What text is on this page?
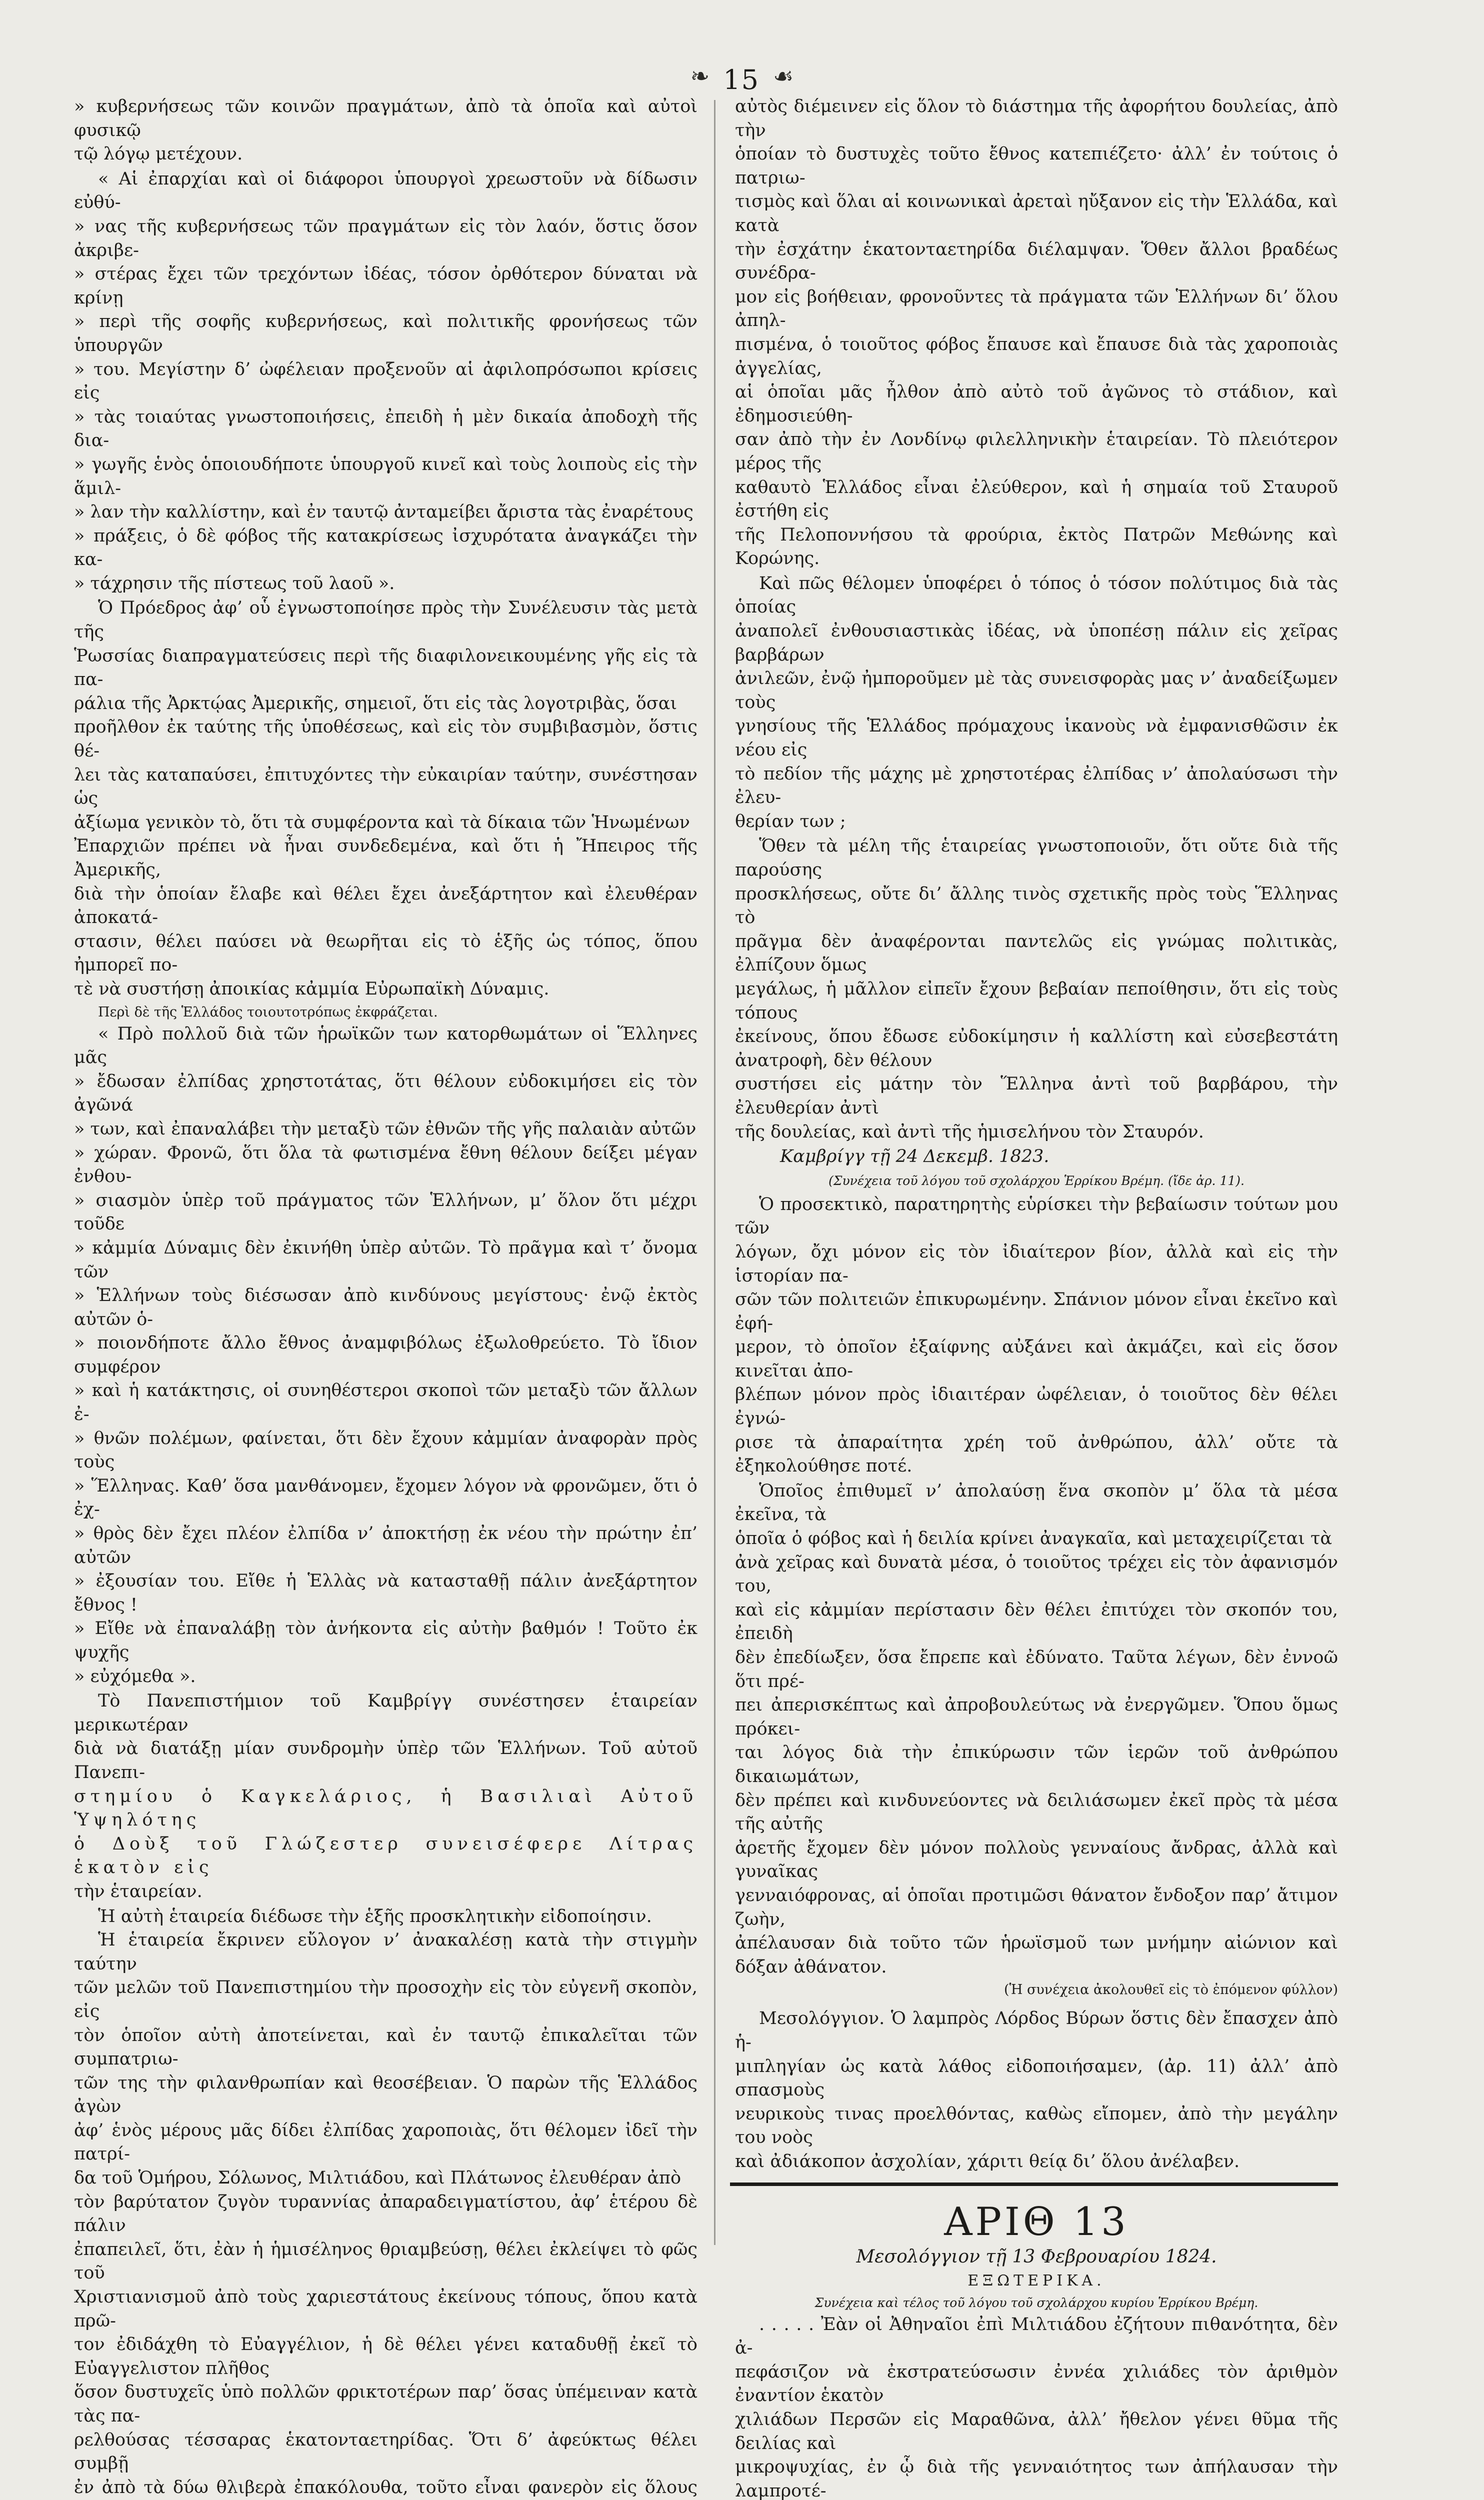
❧ 15 ☙
» κυβερνήσεως τῶν κοινῶν πραγμάτων, ἀπὸ τὰ ὁποῖα καὶ αὐτοὶ φυσικῷ
τῷ λόγῳ μετέχουν.
« Αἱ ἐπαρχίαι καὶ οἱ διάφοροι ὑπουργοὶ χρεωστοῦν νὰ δίδωσιν εὐθύ-
» νας τῆς κυβερνήσεως τῶν πραγμάτων εἰς τὸν λαόν, ὅστις ὅσον ἀκριβε-
» στέρας ἔχει τῶν τρεχόντων ἰδέας, τόσον ὀρθότερον δύναται νὰ κρίνῃ
» περὶ τῆς σοφῆς κυβερνήσεως, καὶ πολιτικῆς φρονήσεως τῶν ὑπουργῶν
» του. Μεγίστην δ’ ὠφέλειαν προξενοῦν αἱ ἀφιλοπρόσωποι κρίσεις εἰς
» τὰς τοιαύτας γνωστοποιήσεις, ἐπειδὴ ἡ μὲν δικαία ἀποδοχὴ τῆς δια-
» γωγῆς ἑνὸς ὁποιουδήποτε ὑπουργοῦ κινεῖ καὶ τοὺς λοιποὺς εἰς τὴν ἅμιλ-
» λαν τὴν καλλίστην, καὶ ἐν ταυτῷ ἀνταμείβει ἄριστα τὰς ἐναρέτους
» πράξεις, ὁ δὲ φόβος τῆς κατακρίσεως ἰσχυρότατα ἀναγκάζει τὴν κα-
» τάχρησιν τῆς πίστεως τοῦ λαοῦ ».
Ὁ Πρόεδρος ἀφ’ οὗ ἐγνωστοποίησε πρὸς τὴν Συνέλευσιν τὰς μετὰ τῆς
Ῥωσσίας διαπραγματεύσεις περὶ τῆς διαφιλονεικουμένης γῆς εἰς τὰ πα-
ράλια τῆς Ἀρκτῴας Ἀμερικῆς, σημειοῖ, ὅτι εἰς τὰς λογοτριβὰς, ὅσαι
προῆλθον ἐκ ταύτης τῆς ὑποθέσεως, καὶ εἰς τὸν συμβιβασμὸν, ὅστις θέ-
λει τὰς καταπαύσει, ἐπιτυχόντες τὴν εὐκαιρίαν ταύτην, συνέστησαν ὡς
ἀξίωμα γενικὸν τὸ, ὅτι τὰ συμφέροντα καὶ τὰ δίκαια τῶν Ἡνωμένων
Ἐπαρχιῶν πρέπει νὰ ἦναι συνδεδεμένα, καὶ ὅτι ἡ Ἤπειρος τῆς Ἀμερικῆς,
διὰ τὴν ὁποίαν ἔλαβε καὶ θέλει ἔχει ἀνεξάρτητον καὶ ἐλευθέραν ἀποκατά-
στασιν, θέλει παύσει νὰ θεωρῆται εἰς τὸ ἑξῆς ὡς τόπος, ὅπου ἠμπορεῖ πο-
τὲ νὰ συστήσῃ ἀποικίας κἀμμία Εὐρωπαϊκὴ Δύναμις.

Περὶ δὲ τῆς Ἑλλάδος τοιουτοτρόπως ἐκφράζεται.

« Πρὸ πολλοῦ διὰ τῶν ἡρωϊκῶν των κατορθωμάτων οἱ Ἕλληνες μᾶς
» ἔδωσαν ἐλπίδας χρηστοτάτας, ὅτι θέλουν εὐδοκιμήσει εἰς τὸν ἀγῶνά
» των, καὶ ἐπαναλάβει τὴν μεταξὺ τῶν ἐθνῶν τῆς γῆς παλαιὰν αὐτῶν
» χώραν. Φρονῶ, ὅτι ὅλα τὰ φωτισμένα ἔθνη θέλουν δείξει μέγαν ἐνθου-
» σιασμὸν ὑπὲρ τοῦ πράγματος τῶν Ἑλλήνων, μ’ ὅλον ὅτι μέχρι τοῦδε
» κἀμμία Δύναμις δὲν ἐκινήθη ὑπὲρ αὐτῶν. Τὸ πρᾶγμα καὶ τ’ ὄνομα τῶν
» Ἑλλήνων τοὺς διέσωσαν ἀπὸ κινδύνους μεγίστους· ἐνῷ ἐκτὸς αὐτῶν ὁ-
» ποιονδήποτε ἄλλο ἔθνος ἀναμφιβόλως ἐξωλοθρεύετο. Τὸ ἴδιον συμφέρον
» καὶ ἡ κατάκτησις, οἱ συνηθέστεροι σκοποὶ τῶν μεταξὺ τῶν ἄλλων ἐ-
» θνῶν πολέμων, φαίνεται, ὅτι δὲν ἔχουν κἀμμίαν ἀναφορὰν πρὸς τοὺς
» Ἕλληνας. Καθ’ ὅσα μανθάνομεν, ἔχομεν λόγον νὰ φρονῶμεν, ὅτι ὁ ἐχ-
» θρὸς δὲν ἔχει πλέον ἐλπίδα ν’ ἀποκτήσῃ ἐκ νέου τὴν πρώτην ἐπ’ αὐτῶν
» ἐξουσίαν του. Εἴθε ἡ Ἑλλὰς νὰ κατασταθῇ πάλιν ἀνεξάρτητον ἔθνος !
» Εἴθε νὰ ἐπαναλάβῃ τὸν ἀνήκοντα εἰς αὐτὴν βαθμόν ! Τοῦτο ἐκ ψυχῆς
» εὐχόμεθα ».
Τὸ Πανεπιστήμιον τοῦ Καμβρίγγ συνέστησεν ἑταιρείαν μερικωτέραν
διὰ νὰ διατάξῃ μίαν συνδρομὴν ὑπὲρ τῶν Ἑλλήνων. Τοῦ αὐτοῦ Πανεπι-
στημίου ὁ Καγκελάριος, ἡ Βασιλιαὶ Αὐτοῦ Ὑψηλότης
ὁ Δοὺξ τοῦ Γλώζεστερ συνεισέφερε Λίτρας ἑκατὸν εἰς
τὴν ἑταιρείαν.

Ἡ αὐτὴ ἑταιρεία διέδωσε τὴν ἑξῆς προσκλητικὴν εἰδοποίησιν.

Ἡ ἑταιρεία ἔκρινεν εὔλογον ν’ ἀνακαλέσῃ κατὰ τὴν στιγμὴν ταύτην
τῶν μελῶν τοῦ Πανεπιστημίου τὴν προσοχὴν εἰς τὸν εὐγενῆ σκοπὸν, εἰς
τὸν ὁποῖον αὐτὴ ἀποτείνεται, καὶ ἐν ταυτῷ ἐπικαλεῖται τῶν συμπατριω-
τῶν της τὴν φιλανθρωπίαν καὶ θεοσέβειαν. Ὁ παρὼν τῆς Ἑλλάδος ἀγὼν
ἀφ’ ἑνὸς μέρους μᾶς δίδει ἐλπίδας χαροποιὰς, ὅτι θέλομεν ἰδεῖ τὴν πατρί-
δα τοῦ Ὁμήρου, Σόλωνος, Μιλτιάδου, καὶ Πλάτωνος ἐλευθέραν ἀπὸ
τὸν βαρύτατον ζυγὸν τυραννίας ἀπαραδειγματίστου, ἀφ’ ἑτέρου δὲ πάλιν
ἐπαπειλεῖ, ὅτι, ἐὰν ἡ ἡμισέληνος θριαμβεύσῃ, θέλει ἐκλείψει τὸ φῶς τοῦ
Χριστιανισμοῦ ἀπὸ τοὺς χαριεστάτους ἐκείνους τόπους, ὅπου κατὰ πρῶ-
τον ἐδιδάχθη τὸ Εὐαγγέλιον, ἡ δὲ θέλει γένει καταδυθῇ ἐκεῖ τὸ Εὐαγγελιστον πλῆθος
ὅσον δυστυχεῖς ὑπὸ πολλῶν φρικτοτέρων παρ’ ὅσας ὑπέμειναν κατὰ τὰς πα-
ρελθούσας τέσσαρας ἑκατονταετηρίδας. Ὅτι δ’ ἀφεύκτως θέλει συμβῇ
ἐν ἀπὸ τὰ δύω θλιβερὰ ἐπακόλουθα, τοῦτο εἶναι φανερὸν εἰς ὅλους
αὐτὸς διέμεινεν εἰς ὅλον τὸ διάστημα τῆς ἀφορήτου δουλείας, ἀπὸ τὴν
ὁποίαν τὸ δυστυχὲς τοῦτο ἔθνος κατεπιέζετο· ἀλλ’ ἐν τούτοις ὁ πατριω-
τισμὸς καὶ ὅλαι αἱ κοινωνικαὶ ἀρεταὶ ηὔξανον εἰς τὴν Ἑλλάδα, καὶ κατὰ
τὴν ἐσχάτην ἑκατονταετηρίδα διέλαμψαν. Ὅθεν ἄλλοι βραδέως συνέδρα-
μον εἰς βοήθειαν, φρονοῦντες τὰ πράγματα τῶν Ἑλλήνων δι’ ὅλου ἀπηλ-
πισμένα, ὁ τοιοῦτος φόβος ἔπαυσε καὶ ἔπαυσε διὰ τὰς χαροποιὰς ἀγγελίας,
αἱ ὁποῖαι μᾶς ἦλθον ἀπὸ αὐτὸ τοῦ ἀγῶνος τὸ στάδιον, καὶ ἐδημοσιεύθη-
σαν ἀπὸ τὴν ἐν Λονδίνῳ φιλελληνικὴν ἑταιρείαν. Τὸ πλειότερον μέρος τῆς
καθαυτὸ Ἑλλάδος εἶναι ἐλεύθερον, καὶ ἡ σημαία τοῦ Σταυροῦ ἐστήθη εἰς
τῆς Πελοποννήσου τὰ φρούρια, ἐκτὸς Πατρῶν Μεθώνης καὶ Κορώνης.
Καὶ πῶς θέλομεν ὑποφέρει ὁ τόπος ὁ τόσον πολύτιμος διὰ τὰς ὁποίας
ἀναπολεῖ ἐνθουσιαστικὰς ἰδέας, νὰ ὑποπέσῃ πάλιν εἰς χεῖρας βαρβάρων
ἀνιλεῶν, ἐνῷ ἠμποροῦμεν μὲ τὰς συνεισφορὰς μας ν’ ἀναδείξωμεν τοὺς
γνησίους τῆς Ἑλλάδος πρόμαχους ἱκανοὺς νὰ ἐμφανισθῶσιν ἐκ νέου εἰς
τὸ πεδίον τῆς μάχης μὲ χρηστοτέρας ἐλπίδας ν’ ἀπολαύσωσι τὴν ἐλευ-
θερίαν των ;
Ὅθεν τὰ μέλη τῆς ἑταιρείας γνωστοποιοῦν, ὅτι οὔτε διὰ τῆς παρούσης
προσκλήσεως, οὔτε δι’ ἄλλης τινὸς σχετικῆς πρὸς τοὺς Ἕλληνας τὸ
πρᾶγμα δὲν ἀναφέρονται παντελῶς εἰς γνώμας πολιτικὰς, ἐλπίζουν ὅμως
μεγάλως, ἡ μᾶλλον εἰπεῖν ἔχουν βεβαίαν πεποίθησιν, ὅτι εἰς τοὺς τόπους
ἐκείνους, ὅπου ἔδωσε εὐδοκίμησιν ἡ καλλίστη καὶ εὐσεβεστάτη ἀνατροφὴ, δὲν θέλουν
συστήσει εἰς μάτην τὸν Ἕλληνα ἀντὶ τοῦ βαρβάρου, τὴν ἐλευθερίαν ἀντὶ
τῆς δουλείας, καὶ ἀντὶ τῆς ἡμισελήνου τὸν Σταυρόν.

Καμβρίγγ τῇ 24 Δεκεμβ. 1823.

(Συνέχεια τοῦ λόγου τοῦ σχολάρχου Ἑρρίκου Βρέμη. (ἴδε ἀρ. 11).

Ὁ προσεκτικὸ, παρατηρητὴς εὑρίσκει τὴν βεβαίωσιν τούτων μου τῶν
λόγων, ὄχι μόνον εἰς τὸν ἰδιαίτερον βίον, ἀλλὰ καὶ εἰς τὴν ἱστορίαν πα-
σῶν τῶν πολιτειῶν ἐπικυρωμένην. Σπάνιον μόνον εἶναι ἐκεῖνο καὶ ἐφή-
μερον, τὸ ὁποῖον ἐξαίφνης αὐξάνει καὶ ἀκμάζει, καὶ εἰς ὅσον κινεῖται ἀπο-
βλέπων μόνον πρὸς ἰδιαιτέραν ὠφέλειαν, ὁ τοιοῦτος δὲν θέλει ἐγνώ-
ρισε τὰ ἀπαραίτητα χρέη τοῦ ἀνθρώπου, ἀλλ’ οὔτε τὰ ἐξηκολούθησε ποτέ.
Ὁποῖος ἐπιθυμεῖ ν’ ἀπολαύσῃ ἕνα σκοπὸν μ’ ὅλα τὰ μέσα ἐκεῖνα, τὰ
ὁποῖα ὁ φόβος καὶ ἡ δειλία κρίνει ἀναγκαῖα, καὶ μεταχειρίζεται τὰ
ἀνὰ χεῖρας καὶ δυνατὰ μέσα, ὁ τοιοῦτος τρέχει εἰς τὸν ἀφανισμόν του,
καὶ εἰς κἀμμίαν περίστασιν δὲν θέλει ἐπιτύχει τὸν σκοπόν του, ἐπειδὴ
δὲν ἐπεδίωξεν, ὅσα ἔπρεπε καὶ ἐδύνατο. Ταῦτα λέγων, δὲν ἐννοῶ ὅτι πρέ-
πει ἀπερισκέπτως καὶ ἀπροβουλεύτως νὰ ἐνεργῶμεν. Ὅπου ὅμως πρόκει-
ται λόγος διὰ τὴν ἐπικύρωσιν τῶν ἱερῶν τοῦ ἀνθρώπου δικαιωμάτων,
δὲν πρέπει καὶ κινδυνεύοντες νὰ δειλιάσωμεν ἐκεῖ πρὸς τὰ μέσα τῆς αὐτῆς
ἀρετῆς ἔχομεν δὲν μόνον πολλοὺς γενναίους ἄνδρας, ἀλλὰ καὶ γυναῖκας
γενναιόφρονας, αἱ ὁποῖαι προτιμῶσι θάνατον ἔνδοξον παρ’ ἄτιμον ζωὴν,
ἀπέλαυσαν διὰ τοῦτο τῶν ἡρωϊσμοῦ των μνήμην αἰώνιον καὶ δόξαν ἀθάνατον.

(Ἡ συνέχεια ἀκολουθεῖ εἰς τὸ ἐπόμενον φύλλον)

Μεσολόγγιον. Ὁ λαμπρὸς Λόρδος Βύρων ὅστις δὲν ἔπασχεν ἀπὸ ἡ-
μιπληγίαν ὡς κατὰ λάθος εἰδοποιήσαμεν, (ἀρ. 11) ἀλλ’ ἀπὸ σπασμοὺς
νευρικοὺς τινας προελθόντας, καθὼς εἴπομεν, ἀπὸ τὴν μεγάλην του νοὸς
καὶ ἀδιάκοπον ἀσχολίαν, χάριτι θείᾳ δι’ ὅλου ἀνέλαβεν.
ΑΡΙΘ 13
Μεσολόγγιον τῇ 13 Φεβρουαρίου 1824.
ΕΞΩΤΕΡΙΚΑ.
Συνέχεια καὶ τέλος τοῦ λόγου τοῦ σχολάρχου κυρίου Ἑρρίκου Βρέμη.
. . . . . Ἐὰν οἱ Ἀθηναῖοι ἐπὶ Μιλτιάδου ἐζήτουν πιθανότητα, δὲν ἀ-
πεφάσιζον νὰ ἐκστρατεύσωσιν ἐννέα χιλιάδες τὸν ἀριθμὸν ἐναντίον ἑκατὸν
χιλιάδων Περσῶν εἰς Μαραθῶνα, ἀλλ’ ἤθελον γένει θῦμα τῆς δειλίας καὶ
μικροψυχίας, ἐν ᾧ διὰ τῆς γενναιότητος των ἀπήλαυσαν τὴν λαμπροτέ-
